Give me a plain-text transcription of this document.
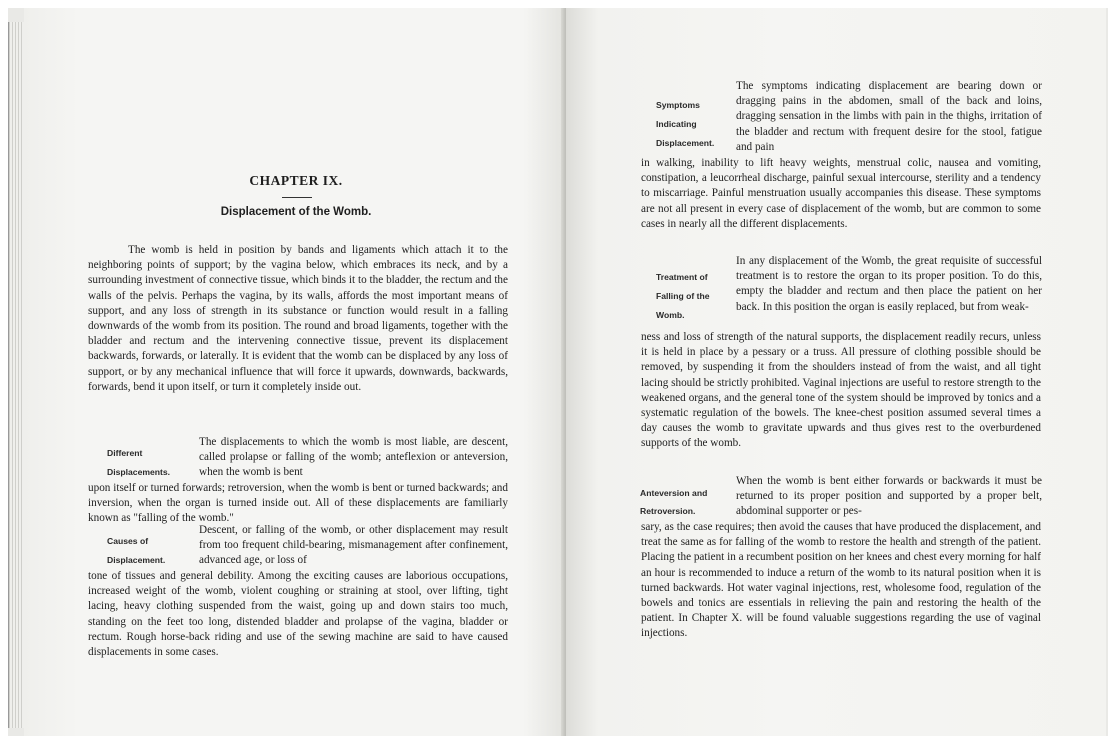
CHAPTER IX.
Displacement of the Womb.

The womb is held in position by bands and ligaments which attach it to the neighboring points of support; by the vagina below, which embraces its neck, and by a surrounding investment of connective tissue, which binds it to the bladder, the rectum and the walls of the pelvis. Perhaps the vagina, by its walls, affords the most important means of support, and any loss of strength in its substance or function would result in a falling downwards of the womb from its position. The round and broad ligaments, together with the bladder and rectum and the intervening connective tissue, prevent its displacement backwards, forwards, or laterally. It is evident that the womb can be displaced by any loss of support, or by any mechanical influence that will force it upwards, downwards, backwards, forwards, bend it upon itself, or turn it completely inside out.

Different
Displacements.

The displacements to which the womb is most liable, are descent, called prolapse or falling of the womb; anteflexion or anteversion, when the womb is bent

upon itself or turned forwards; retroversion, when the womb is bent or turned backwards; and inversion, when the organ is turned inside out. All of these displacements are familiarly known as "falling of the womb."

Causes of
Displacement.

Descent, or falling of the womb, or other displacement may result from too frequent child-bearing, mismanagement after confinement, advanced age, or loss of

tone of tissues and general debility. Among the exciting causes are laborious occupations, increased weight of the womb, violent coughing or straining at stool, over lifting, tight lacing, heavy clothing suspended from the waist, going up and down stairs too much, standing on the feet too long, distended bladder and prolapse of the vagina, bladder or rectum. Rough horse-back riding and use of the sewing machine are said to have caused displacements in some cases.

Symptoms
Indicating
Displacement.

The symptoms indicating displacement are bearing down or dragging pains in the abdomen, small of the back and loins, dragging sensation in the limbs with pain in the thighs, irritation of the bladder and rectum with frequent desire for the stool, fatigue and pain

in walking, inability to lift heavy weights, menstrual colic, nausea and vomiting, constipation, a leucorrheal discharge, painful sexual intercourse, sterility and a tendency to miscarriage. Painful menstruation usually accompanies this disease. These symptoms are not all present in every case of displacement of the womb, but are common to some cases in nearly all the different displacements.

Treatment of
Falling of the
Womb.

In any displacement of the Womb, the great requisite of successful treatment is to restore the organ to its proper position. To do this, empty the bladder and rectum and then place the patient on her back. In this position the organ is easily replaced, but from weak-

ness and loss of strength of the natural supports, the displacement readily recurs, unless it is held in place by a pessary or a truss. All pressure of clothing possible should be removed, by suspending it from the shoulders instead of from the waist, and all tight lacing should be strictly prohibited. Vaginal injections are useful to restore strength to the weakened organs, and the general tone of the system should be improved by tonics and a systematic regulation of the bowels. The knee-chest position assumed several times a day causes the womb to gravitate upwards and thus gives rest to the overburdened supports of the womb.

Anteversion and
Retroversion.

When the womb is bent either forwards or backwards it must be returned to its proper position and supported by a proper belt, abdominal supporter or pes-

sary, as the case requires; then avoid the causes that have produced the displacement, and treat the same as for falling of the womb to restore the health and strength of the patient. Placing the patient in a recumbent position on her knees and chest every morning for half an hour is recommended to induce a return of the womb to its natural position when it is turned backwards. Hot water vaginal injections, rest, wholesome food, regulation of the bowels and tonics are essentials in relieving the pain and restoring the health of the patient. In Chapter X. will be found valuable suggestions regarding the use of vaginal injections.
